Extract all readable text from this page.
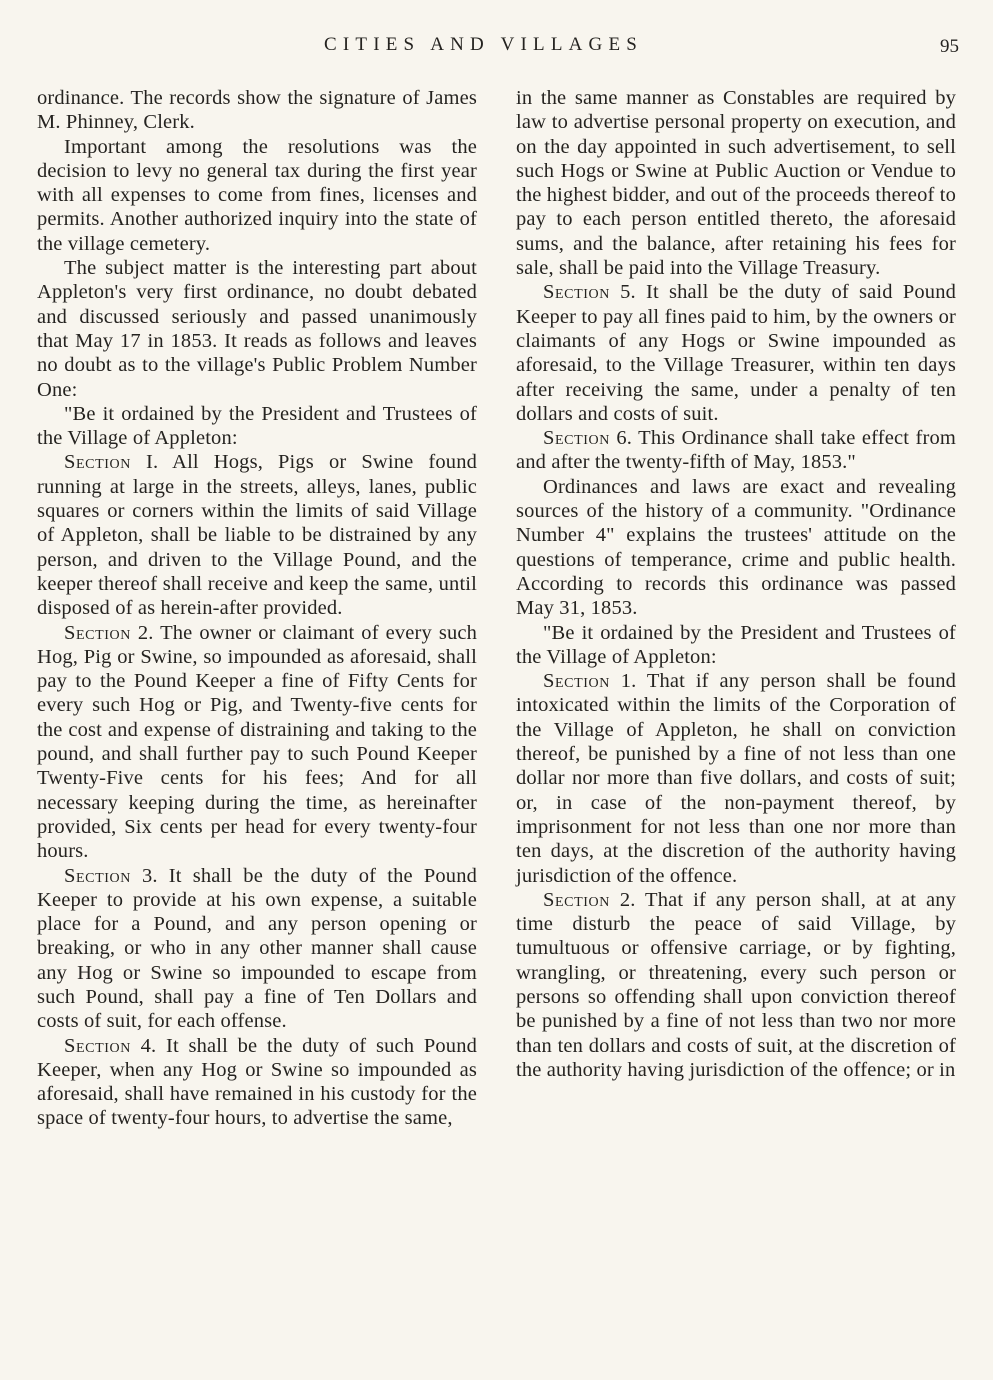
CITIES AND VILLAGES	95

ordinance. The records show the signature of James M. Phinney, Clerk.

Important among the resolutions was the decision to levy no general tax during the first year with all expenses to come from fines, licenses and permits. Another authorized inquiry into the state of the village cemetery.

The subject matter is the interesting part about Appleton's very first ordinance, no doubt debated and discussed seriously and passed unanimously that May 17 in 1853. It reads as follows and leaves no doubt as to the village's Public Problem Number One:

"Be it ordained by the President and Trustees of the Village of Appleton:

Section I. All Hogs, Pigs or Swine found running at large in the streets, alleys, lanes, public squares or corners within the limits of said Village of Appleton, shall be liable to be distrained by any person, and driven to the Village Pound, and the keeper thereof shall receive and keep the same, until disposed of as herein-after provided.

Section 2. The owner or claimant of every such Hog, Pig or Swine, so impounded as aforesaid, shall pay to the Pound Keeper a fine of Fifty Cents for every such Hog or Pig, and Twenty-five cents for the cost and expense of distraining and taking to the pound, and shall further pay to such Pound Keeper Twenty-Five cents for his fees; And for all necessary keeping during the time, as hereinafter provided, Six cents per head for every twenty-four hours.

Section 3. It shall be the duty of the Pound Keeper to provide at his own expense, a suitable place for a Pound, and any person opening or breaking, or who in any other manner shall cause any Hog or Swine so impounded to escape from such Pound, shall pay a fine of Ten Dollars and costs of suit, for each offense.

Section 4. It shall be the duty of such Pound Keeper, when any Hog or Swine so impounded as aforesaid, shall have remained in his custody for the space of twenty-four hours, to advertise the same,

in the same manner as Constables are required by law to advertise personal property on execution, and on the day appointed in such advertisement, to sell such Hogs or Swine at Public Auction or Vendue to the highest bidder, and out of the proceeds thereof to pay to each person entitled thereto, the aforesaid sums, and the balance, after retaining his fees for sale, shall be paid into the Village Treasury.

Section 5. It shall be the duty of said Pound Keeper to pay all fines paid to him, by the owners or claimants of any Hogs or Swine impounded as aforesaid, to the Village Treasurer, within ten days after receiving the same, under a penalty of ten dollars and costs of suit.

Section 6. This Ordinance shall take effect from and after the twenty-fifth of May, 1853."

Ordinances and laws are exact and revealing sources of the history of a community. "Ordinance Number 4" explains the trustees' attitude on the questions of temperance, crime and public health. According to records this ordinance was passed May 31, 1853.

"Be it ordained by the President and Trustees of the Village of Appleton:

Section 1. That if any person shall be found intoxicated within the limits of the Corporation of the Village of Appleton, he shall on conviction thereof, be punished by a fine of not less than one dollar nor more than five dollars, and costs of suit; or, in case of the non-payment thereof, by imprisonment for not less than one nor more than ten days, at the discretion of the authority having jurisdiction of the offence.

Section 2. That if any person shall, at at any time disturb the peace of said Village, by tumultuous or offensive carriage, or by fighting, wrangling, or threatening, every such person or persons so offending shall upon conviction thereof be punished by a fine of not less than two nor more than ten dollars and costs of suit, at the discretion of the authority having jurisdiction of the offence; or in
